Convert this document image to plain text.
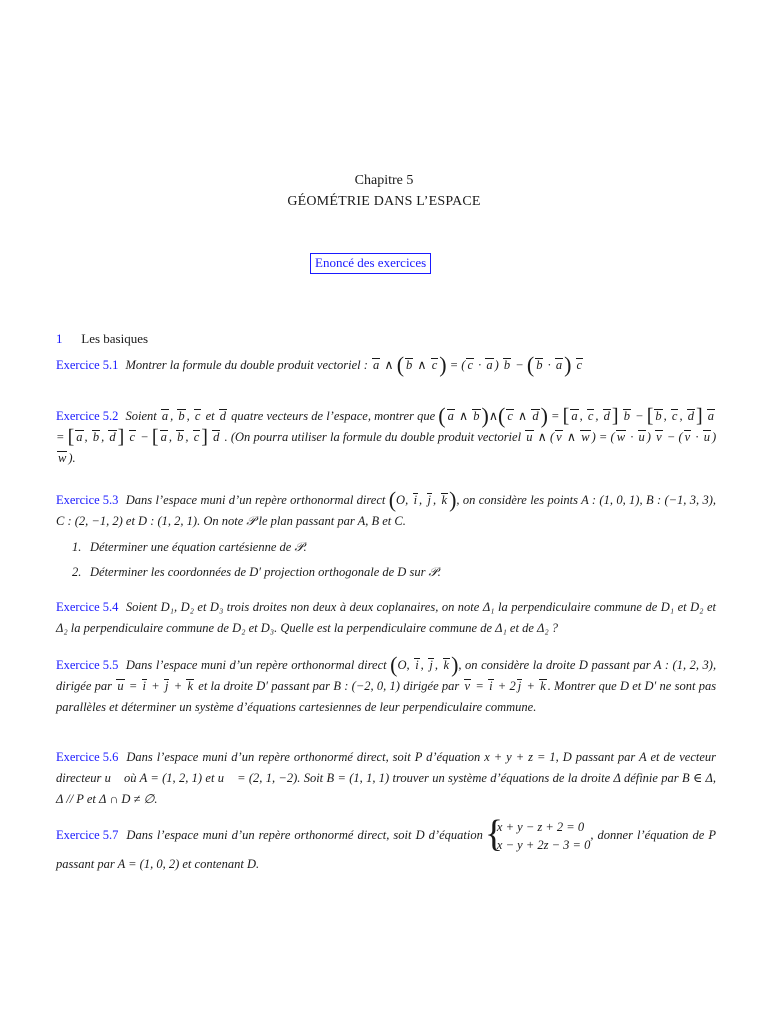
Chapitre 5
GÉOMÉTRIE DANS L’ESPACE
Enoncé des exercices
1 Les basiques
Exercice 5.1 Montrer la formule du double produit vectoriel : a ∧ ( b ∧ c) = ( c · a ) b − ( b · a) c
Exercice 5.2 Soient a , b , c et d quatre vecteurs de l’espace, montrer que ( a ∧ b)∧( c ∧ d) = [ a , c , d ] b − [ b , c , d ] a = [ a , b , d ] c − [ a , b , c ] d . (On pourra utiliser la formule du double produit vectoriel u ∧ ( v ∧ w ) = ( w · u ) v − ( v · u ) w ).
Exercice 5.3 Dans l’espace muni d’un repère orthonormal direct (O, i , j , k), on considère les points A : (1, 0, 1), B : (−1, 3, 3), C : (2, −1, 2) et D : (1, 2, 1). On note 𝒫 le plan passant par A, B et C.
1. Déterminer une équation cartésienne de 𝒫.
2. Déterminer les coordonnées de D′ projection orthogonale de D sur 𝒫.
Exercice 5.4 Soient D₁, D₂ et D₃ trois droites non deux à deux coplanaires, on note Δ₁ la perpendiculaire commune de D₁ et D₂ et Δ₂ la perpendiculaire commune de D₂ et D₃. Quelle est la perpendiculaire commune de Δ₁ et de Δ₂ ?
Exercice 5.5 Dans l’espace muni d’un repère orthonormal direct (O, i , j , k), on considère la droite D passant par A : (1, 2, 3), dirigée par u = i + j + k et la droite D′ passant par B : (−2, 0, 1) dirigée par v = i + 2 j + k . Montrer que D et D′ ne sont pas parallèles et déterminer un système d’équations cartesiennes de leur perpendiculaire commune.
Exercice 5.6 Dans l’espace muni d’un repère orthonormé direct, soit P d’équation x + y + z = 1, D passant par A et de vecteur directeur u⃗ où A = (1, 2, 1) et u⃗ = (2, 1, −2). Soit B = (1, 1, 1) trouver un système d’équations de la droite Δ définie par B ∈ Δ, Δ // P et Δ ∩ D ≠ ∅.
Exercice 5.7 Dans l’espace muni d’un repère orthonormé direct, soit D d’équation {
x + y − z + 2 = 0
x − y + 2z − 3 = 0
, donner l’équation de P passant par A = (1, 0, 2) et contenant D.
